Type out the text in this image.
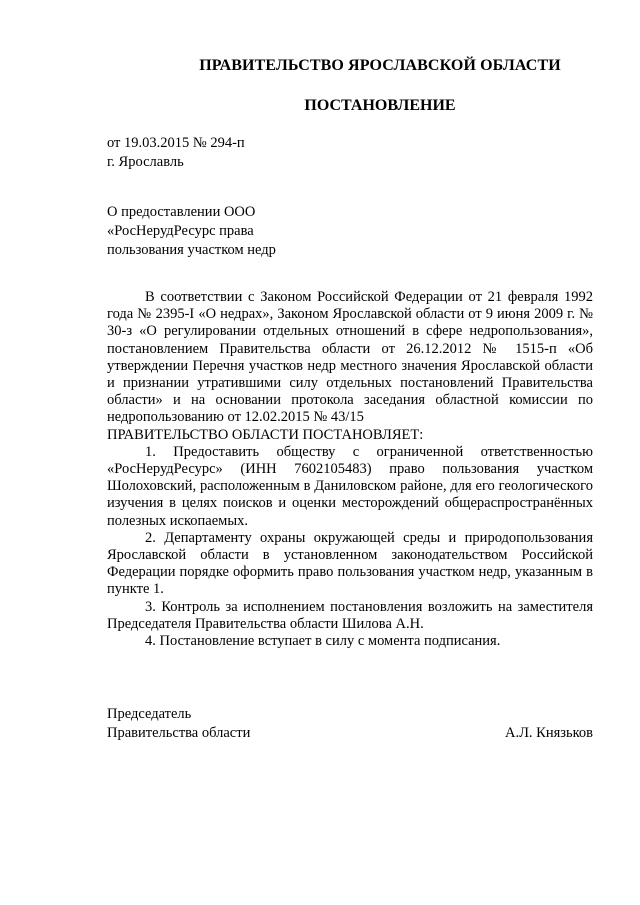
ПРАВИТЕЛЬСТВО ЯРОСЛАВСКОЙ ОБЛАСТИ
ПОСТАНОВЛЕНИЕ
от 19.03.2015 № 294-п
г. Ярославль
О предоставлении ООО
«РосНерудРесурс права
пользования участком недр

В соответствии с Законом Российской Федерации от 21 февраля 1992 года № 2395-I «О недрах», Законом Ярославской области от 9 июня 2009 г. № 30-з «О регулировании отдельных отношений в сфере недропользования», постановлением Правительства области от 26.12.2012 № 1515-п «Об утверждении Перечня участков недр местного значения Ярославской области и признании утратившими силу отдельных постановлений Правительства области» и на основании протокола заседания областной комиссии по недропользованию от 12.02.2015 № 43/15

ПРАВИТЕЛЬСТВО ОБЛАСТИ ПОСТАНОВЛЯЕТ:

1. Предоставить обществу с ограниченной ответственностью «РосНерудРесурс» (ИНН 7602105483) право пользования участком Шолоховский, расположенным в Даниловском районе, для его геологического изучения в целях поисков и оценки месторождений общераспространённых полезных ископаемых.

2. Департаменту охраны окружающей среды и природопользования Ярославской области в установленном законодательством Российской Федерации порядке оформить право пользования участком недр, указанным в пункте 1.

3. Контроль за исполнением постановления возложить на заместителя Председателя Правительства области Шилова А.Н.

4. Постановление вступает в силу с момента подписания.

Председатель
Правительства области	А.Л. Князьков
